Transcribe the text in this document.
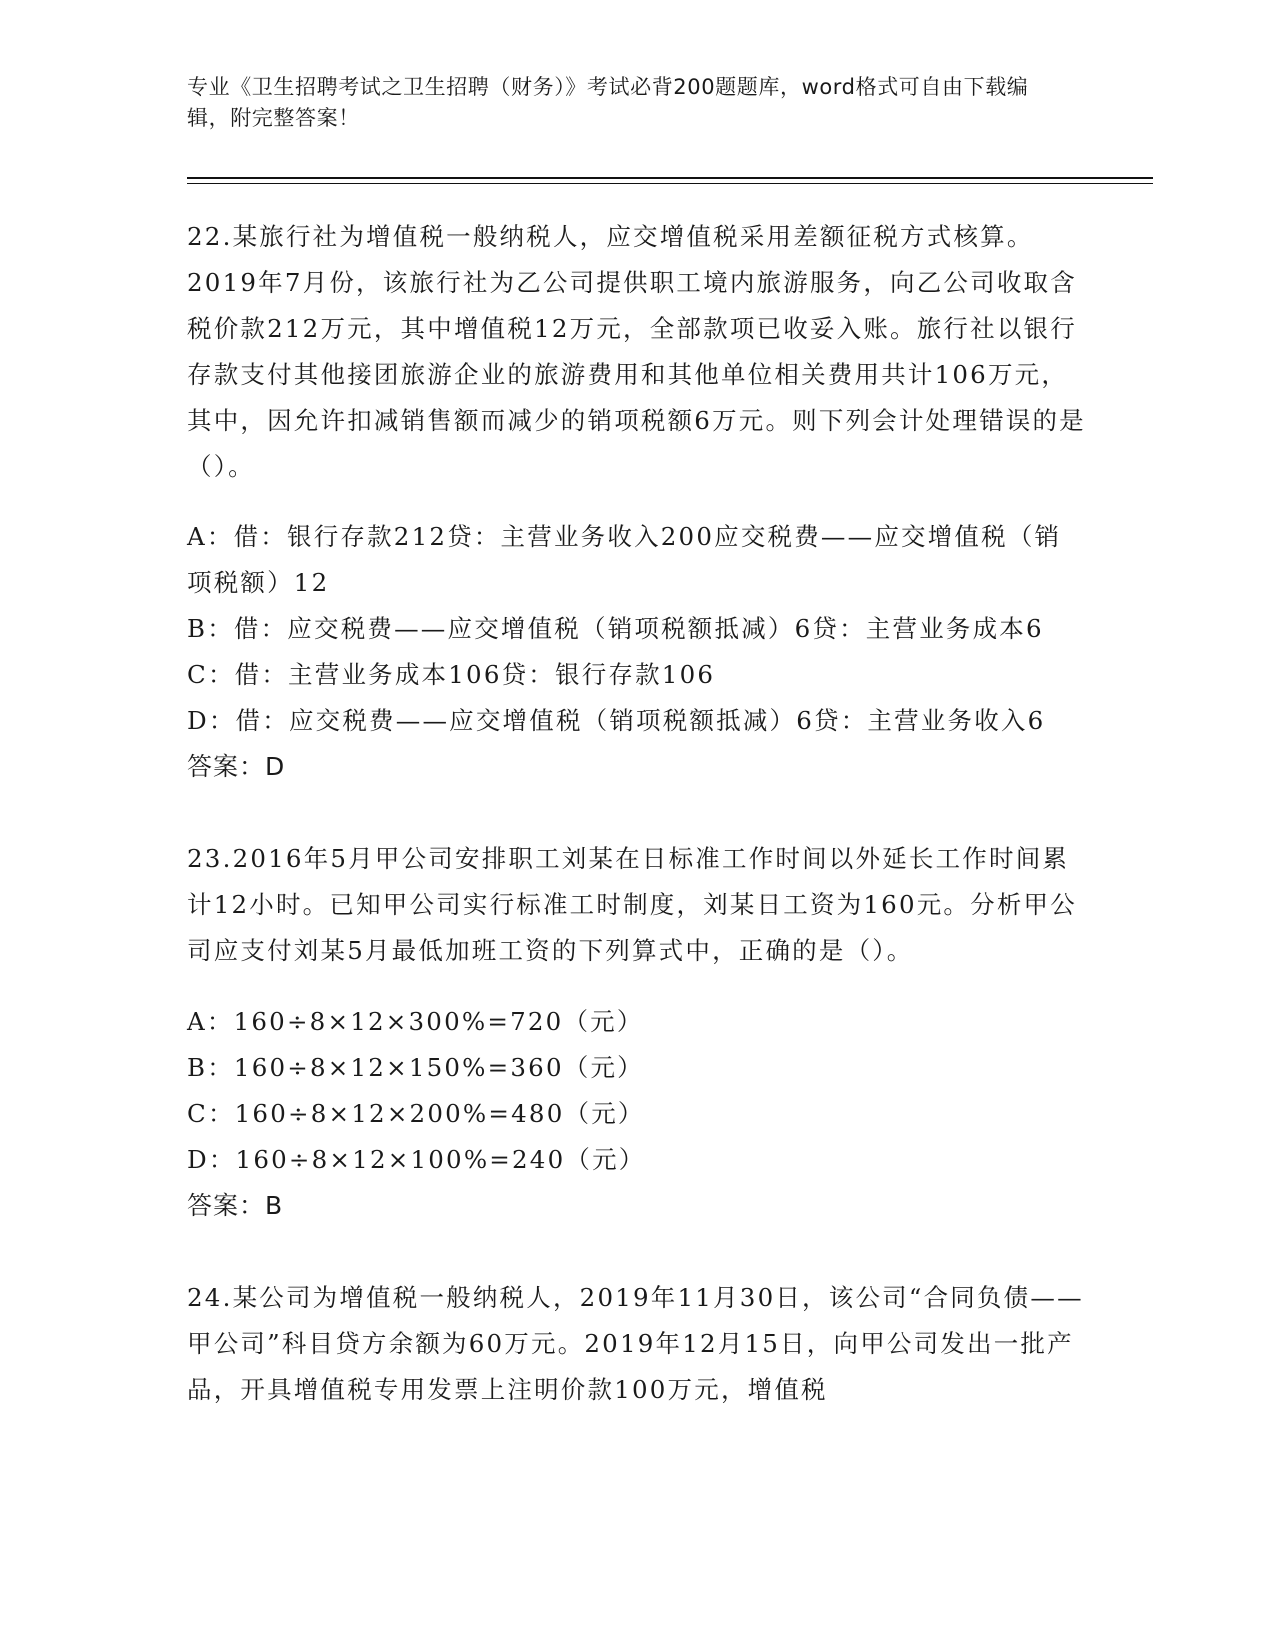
专业《卫生招聘考试之卫生招聘（财务）》考试必背200题题库，word格式可自由下载编辑，附完整答案！

22.某旅行社为增值税一般纳税人，应交增值税采用差额征税方式核算。2019年7月份，该旅行社为乙公司提供职工境内旅游服务，向乙公司收取含税价款212万元，其中增值税12万元，全部款项已收妥入账。旅行社以银行存款支付其他接团旅游企业的旅游费用和其他单位相关费用共计106万元，其中，因允许扣减销售额而减少的销项税额6万元。则下列会计处理错误的是（）。

A：借：银行存款212贷：主营业务收入200应交税费——应交增值税（销项税额）12

B：借：应交税费——应交增值税（销项税额抵减）6贷：主营业务成本6

C：借：主营业务成本106贷：银行存款106

D：借：应交税费——应交增值税（销项税额抵减）6贷：主营业务收入6

答案：D

23.2016年5月甲公司安排职工刘某在日标准工作时间以外延长工作时间累计12小时。已知甲公司实行标准工时制度，刘某日工资为160元。分析甲公司应支付刘某5月最低加班工资的下列算式中，正确的是（）。

A：160÷8×12×300%=720（元）

B：160÷8×12×150%=360（元）

C：160÷8×12×200%=480（元）

D：160÷8×12×100%=240（元）

答案：B

24.某公司为增值税一般纳税人，2019年11月30日，该公司“合同负债——甲公司”科目贷方余额为60万元。2019年12月15日，向甲公司发出一批产品，开具增值税专用发票上注明价款100万元，增值税
